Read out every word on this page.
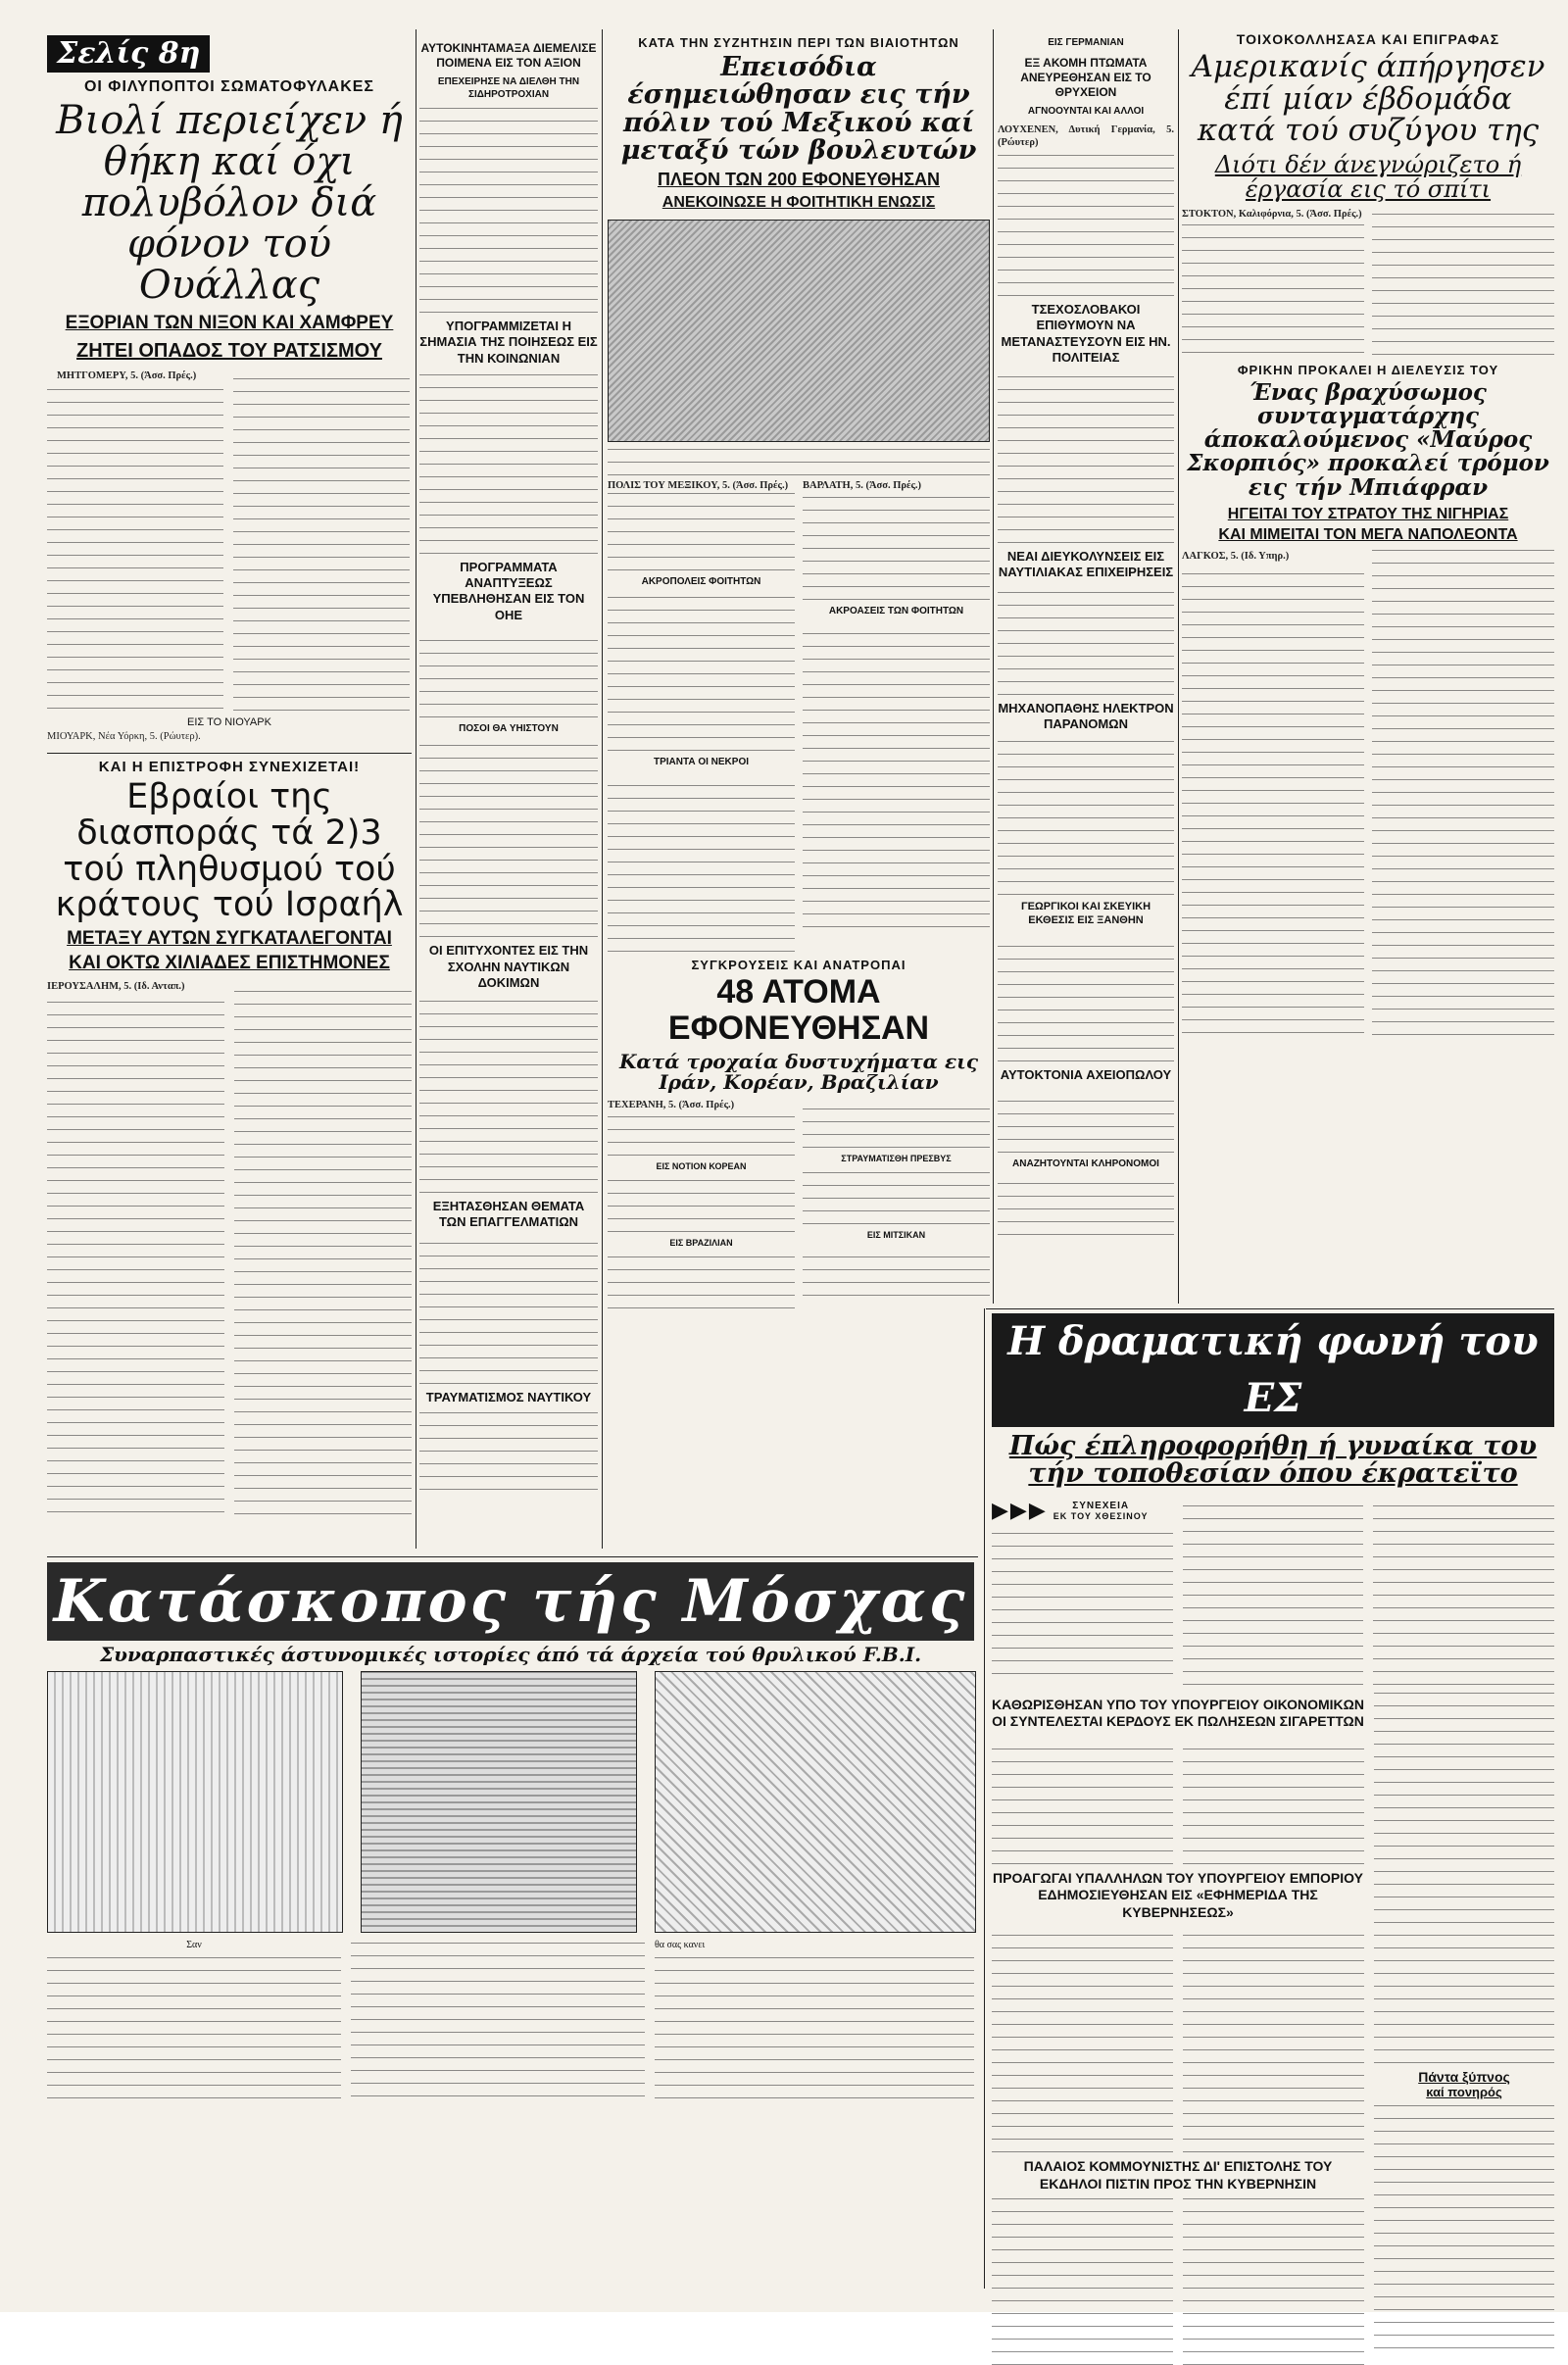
Σελίς 8η
ΟΙ ΦΙΛΥΠΟΠΤΟΙ ΣΩΜΑΤΟΦΥΛΑΚΕΣ
Βιολί περιείχεν ή θήκη καί όχι πολυβόλον διά φόνον τού Ουάλλας
ΕΞΟΡΙΑΝ ΤΩΝ ΝΙΞΟΝ ΚΑΙ ΧΑΜΦΡΕΥ
ΖΗΤΕΙ ΟΠΑΔΟΣ ΤΟΥ ΡΑΤΣΙΣΜΟΥ

ΜΗΤΓΟΜΕΡΥ, 5. (Άσσ. Πρές.)

ΕΙΣ ΤΟ ΝΙΟΥΑΡΚ
ΜΙΟΥΑΡΚ, Νέα Υόρκη, 5. (Ρώυτερ).
ΑΥΤΟΚΙΝΗΤΑΜΑΞΑ ΔΙΕΜΕΛΙΣΕ ΠΟΙΜΕΝΑ ΕΙΣ ΤΟΝ ΑΞΙΟΝ
ΕΠΕΧΕΙΡΗΣΕ ΝΑ ΔΙΕΛΘΗ ΤΗΝ ΣΙΔΗΡΟΤΡΟΧΙΑΝ
ΥΠΟΓΡΑΜΜΙΖΕΤΑΙ Η ΣΗΜΑΣΙΑ ΤΗΣ ΠΟΙΗΣΕΩΣ ΕΙΣ ΤΗΝ ΚΟΙΝΩΝΙΑΝ
ΠΡΟΓΡΑΜΜΑΤΑ ΑΝΑΠΤΥΞΕΩΣ ΥΠΕΒΛΗΘΗΣΑΝ ΕΙΣ ΤΟΝ ΟΗΕ
ΠΟΣΟΙ ΘΑ ΥΗΙΣΤΟΥΝ
ΟΙ ΕΠΙΤΥΧΟΝΤΕΣ ΕΙΣ ΤΗΝ ΣΧΟΛΗΝ ΝΑΥΤΙΚΩΝ ΔΟΚΙΜΩΝ
ΕΞΗΤΑΣΘΗΣΑΝ ΘΕΜΑΤΑ ΤΩΝ ΕΠΑΓΓΕΛΜΑΤΙΩΝ
ΤΡΑΥΜΑΤΙΣΜΟΣ ΝΑΥΤΙΚΟΥ
ΚΑΤΑ ΤΗΝ ΣΥΖΗΤΗΣΙΝ ΠΕΡΙ ΤΩΝ ΒΙΑΙΟΤΗΤΩΝ
Επεισόδια έσημειώθησαν εις τήν πόλιν τού Μεξικού καί μεταξύ τών βουλευτών
ΠΛΕΟΝ ΤΩΝ 200 ΕΦΟΝΕΥΘΗΣΑΝ
ΑΝΕΚΟΙΝΩΣΕ Η ΦΟΙΤΗΤΙΚΗ ΕΝΩΣΙΣ
ΠΟΛΙΣ ΤΟΥ ΜΕΞΙΚΟΥ, 5. (Άσσ. Πρές.)
ΑΚΡΟΠΟΛΕΙΣ ΦΟΙΤΗΤΩΝ
ΤΡΙΑΝΤΑ ΟΙ ΝΕΚΡΟΙ
ΒΑΡΛΑΤΗ, 5. (Άσσ. Πρές.)
ΑΚΡΟΑΣΕΙΣ ΤΩΝ ΦΟΙΤΗΤΩΝ
ΣΥΓΚΡΟΥΣΕΙΣ ΚΑΙ ΑΝΑΤΡΟΠΑΙ
48 ΑΤΟΜΑ ΕΦΟΝΕΥΘΗΣΑΝ
Κατά τροχαία δυστυχήματα εις Ιράν, Κορέαν, Βραζιλίαν
ΤΕΧΕΡΑΝΗ, 5. (Άσσ. Πρές.)
ΕΙΣ ΝΟΤΙΟΝ ΚΟΡΕΑΝ
ΕΙΣ ΒΡΑΖΙΛΙΑΝ
ΣΤΡΑΥΜΑΤΙΣΘΗ ΠΡΕΣΒΥΣ
ΕΙΣ ΜΙΤΣΙΚΑΝ
ΕΙΣ ΓΕΡΜΑΝΙΑΝ
ΕΞ ΑΚΟΜΗ ΠΤΩΜΑΤΑ ΑΝΕΥΡΕΘΗΣΑΝ ΕΙΣ ΤΟ ΘΡΥΧΕΙΟΝ
ΑΓΝΟΟΥΝΤΑΙ ΚΑΙ ΑΛΛΟΙ
ΛΟΥΧΕΝΕΝ, Δυτική Γερμανία, 5. (Ρώυτερ)
ΤΣΕΧΟΣΛΟΒΑΚΟΙ ΕΠΙΘΥΜΟΥΝ ΝΑ ΜΕΤΑΝΑΣΤΕΥΣΟΥΝ ΕΙΣ ΗΝ. ΠΟΛΙΤΕΙΑΣ
ΝΕΑΙ ΔΙΕΥΚΟΛΥΝΣΕΙΣ ΕΙΣ ΝΑΥΤΙΛΙΑΚΑΣ ΕΠΙΧΕΙΡΗΣΕΙΣ
ΜΗΧΑΝΟΠΑΘΗΣ ΗΛΕΚΤΡΟΝ ΠΑΡΑΝΟΜΩΝ
ΓΕΩΡΓΙΚΟΙ ΚΑΙ ΣΚΕΥΙΚΗ ΕΚΘΕΣΙΣ ΕΙΣ ΞΑΝΘΗΝ
ΑΥΤΟΚΤΟΝΙΑ ΑΧΕΙΟΠΩΛΟΥ
ΑΝΑΖΗΤΟΥΝΤΑΙ ΚΛΗΡΟΝΟΜΟΙ
ΤΟΙΧΟΚΟΛΛΗΣΑΣΑ ΚΑΙ ΕΠΙΓΡΑΦΑΣ
Αμερικανίς άπήργησεν έπί μίαν έβδομάδα κατά τού συζύγου της
Διότι δέν άνεγνώριζετο ή έργασία εις τό σπίτι
ΣΤΟΚΤΟΝ, Καλιφόρνια, 5. (Άσσ. Πρές.)
ΦΡΙΚΗΝ ΠΡΟΚΑΛΕΙ Η ΔΙΕΛΕΥΣΙΣ ΤΟΥ
Ένας βραχύσωμος συνταγματάρχης άποκαλούμενος «Μαύρος Σκορπιός» προκαλεί τρόμον εις τήν Μπιάφραν
ΗΓΕΙΤΑΙ ΤΟΥ ΣΤΡΑΤΟΥ ΤΗΣ ΝΙΓΗΡΙΑΣ
ΚΑΙ ΜΙΜΕΙΤΑΙ ΤΟΝ ΜΕΓΑ ΝΑΠΟΛΕΟΝΤΑ
ΛΑΓΚΟΣ, 5. (Ιδ. Υπηρ.)
ΚΑΙ Η ΕΠΙΣΤΡΟΦΗ ΣΥΝΕΧΙΖΕΤΑΙ!
Εβραίοι της διασποράς τά 2)3 τού πληθυσμού τού κράτους τού Ισραήλ
ΜΕΤΑΞΥ ΑΥΤΩΝ ΣΥΓΚΑΤΑΛΕΓΟΝΤΑΙ
ΚΑΙ ΟΚΤΩ ΧΙΛΙΑΔΕΣ ΕΠΙΣΤΗΜΟΝΕΣ
ΙΕΡΟΥΣΑΛΗΜ, 5. (Ιδ. Ανταπ.)
Η δραματική φωνή του ΕΣ
Πώς έπληροφορήθη ή γυναίκα του τήν τοποθεσίαν όπου έκρατεϊτο
▶▶▶	ΣΥΝΕΧΕΙΑ
ΕΚ ΤΟΥ ΧΘΕΣΙΝΟΥ
ΚΑΘΩΡΙΣΘΗΣΑΝ ΥΠΟ ΤΟΥ ΥΠΟΥΡΓΕΙΟΥ ΟΙΚΟΝΟΜΙΚΩΝ ΟΙ ΣΥΝΤΕΛΕΣΤΑΙ ΚΕΡΔΟΥΣ ΕΚ ΠΩΛΗΣΕΩΝ ΣΙΓΑΡΕΤΤΩΝ
ΠΡΟΑΓΩΓΑΙ ΥΠΑΛΛΗΛΩΝ ΤΟΥ ΥΠΟΥΡΓΕΙΟΥ ΕΜΠΟΡΙΟΥ ΕΔΗΜΟΣΙΕΥΘΗΣΑΝ ΕΙΣ «ΕΦΗΜΕΡΙΔΑ ΤΗΣ ΚΥΒΕΡΝΗΣΕΩΣ»
ΠΑΛΑΙΟΣ ΚΟΜΜΟΥΝΙΣΤΗΣ ΔΙ' ΕΠΙΣΤΟΛΗΣ ΤΟΥ ΕΚΔΗΛΟΙ ΠΙΣΤΙΝ ΠΡΟΣ ΤΗΝ ΚΥΒΕΡΝΗΣΙΝ
Πάντα ξύπνος
καί πονηρός
Κατάσκοπος τής Μόσχας
Συναρπαστικές άστυνομικές ιστορίες άπό τά άρχεία τού θρυλικού F.B.I.
Σαν	θα σας κανει
